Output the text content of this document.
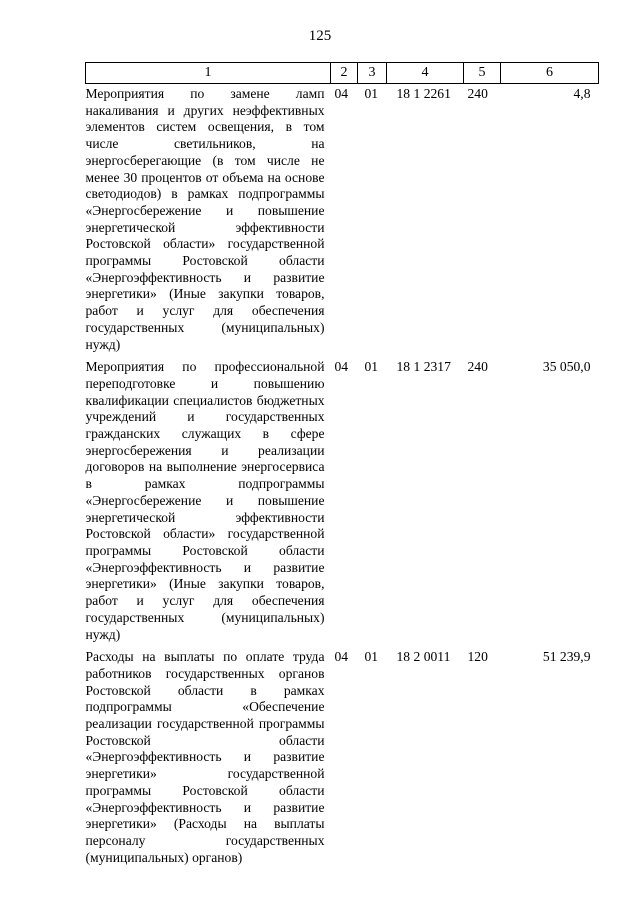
125
1	2	3	4	5	6
Мероприятия по замене ламп накаливания и других неэффективных элементов систем освещения, в том числе светильников, на энергосберегающие (в том числе не менее 30 процентов от объема на основе светодиодов) в рамках подпрограммы «Энергосбережение и повышение энергетической эффективности Ростовской области» государственной программы Ростовской области «Энергоэффективность и развитие энергетики» (Иные закупки товаров, работ и услуг для обеспечения государственных (муниципальных) нужд)	04	01	18 1 2261	240	4,8
Мероприятия по профессиональной переподготовке и повышению квалификации специалистов бюджетных учреждений и государственных гражданских служащих в сфере энергосбережения и реализации договоров на выполнение энергосервиса в рамках подпрограммы «Энергосбережение и повышение энергетической эффективности Ростовской области» государственной программы Ростовской области «Энергоэффективность и развитие энергетики» (Иные закупки товаров, работ и услуг для обеспечения государственных (муниципальных) нужд)	04	01	18 1 2317	240	35 050,0
Расходы на выплаты по оплате труда работников государственных органов Ростовской области в рамках подпрограммы «Обеспечение реализации государственной программы Ростовской области «Энергоэффективность и развитие энергетики» государственной программы Ростовской области «Энергоэффективность и развитие энергетики» (Расходы на выплаты персоналу государственных (муниципальных) органов)	04	01	18 2 0011	120	51 239,9
